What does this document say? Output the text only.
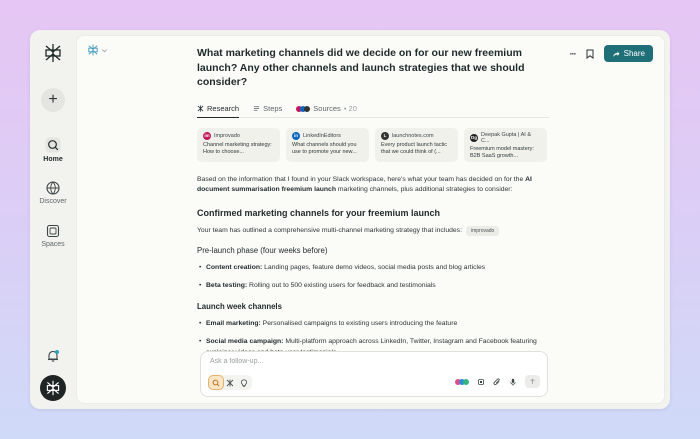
+
Home
Discover
Spaces
···	Share
What marketing channels did we decide on for our new freemium launch? Any other channels and launch strategies that we should consider?
Research	Steps	Sources • 20
im Improvado
Channel marketing strategy: How to choose...
in LinkedInEditors
What channels should you use to promote your new...
L	launchnotes.com
Every product launch tactic that we could think of (...
Dg Deepak Gupta | AI & C...
Freemium model mastery: B2B SaaS growth...
Based on the information that I found in your Slack workspace, here's what your team has decided on for the AI document summarisation freemium launch marketing channels, plus additional strategies to consider:
Confirmed marketing channels for your freemium launch
Your team has outlined a comprehensive multi-channel marketing strategy that includes:	improvado
Pre-launch phase (four weeks before)
• Content creation: Landing pages, feature demo videos, social media posts and blog articles
• Beta testing: Rolling out to 500 existing users for feedback and testimonials
Launch week channels
• Email marketing: Personalised campaigns to existing users introducing the feature
• Social media campaign: Multi-platform approach across LinkedIn, Twitter, Instagram and Facebook featuring
Ask a follow-up...
